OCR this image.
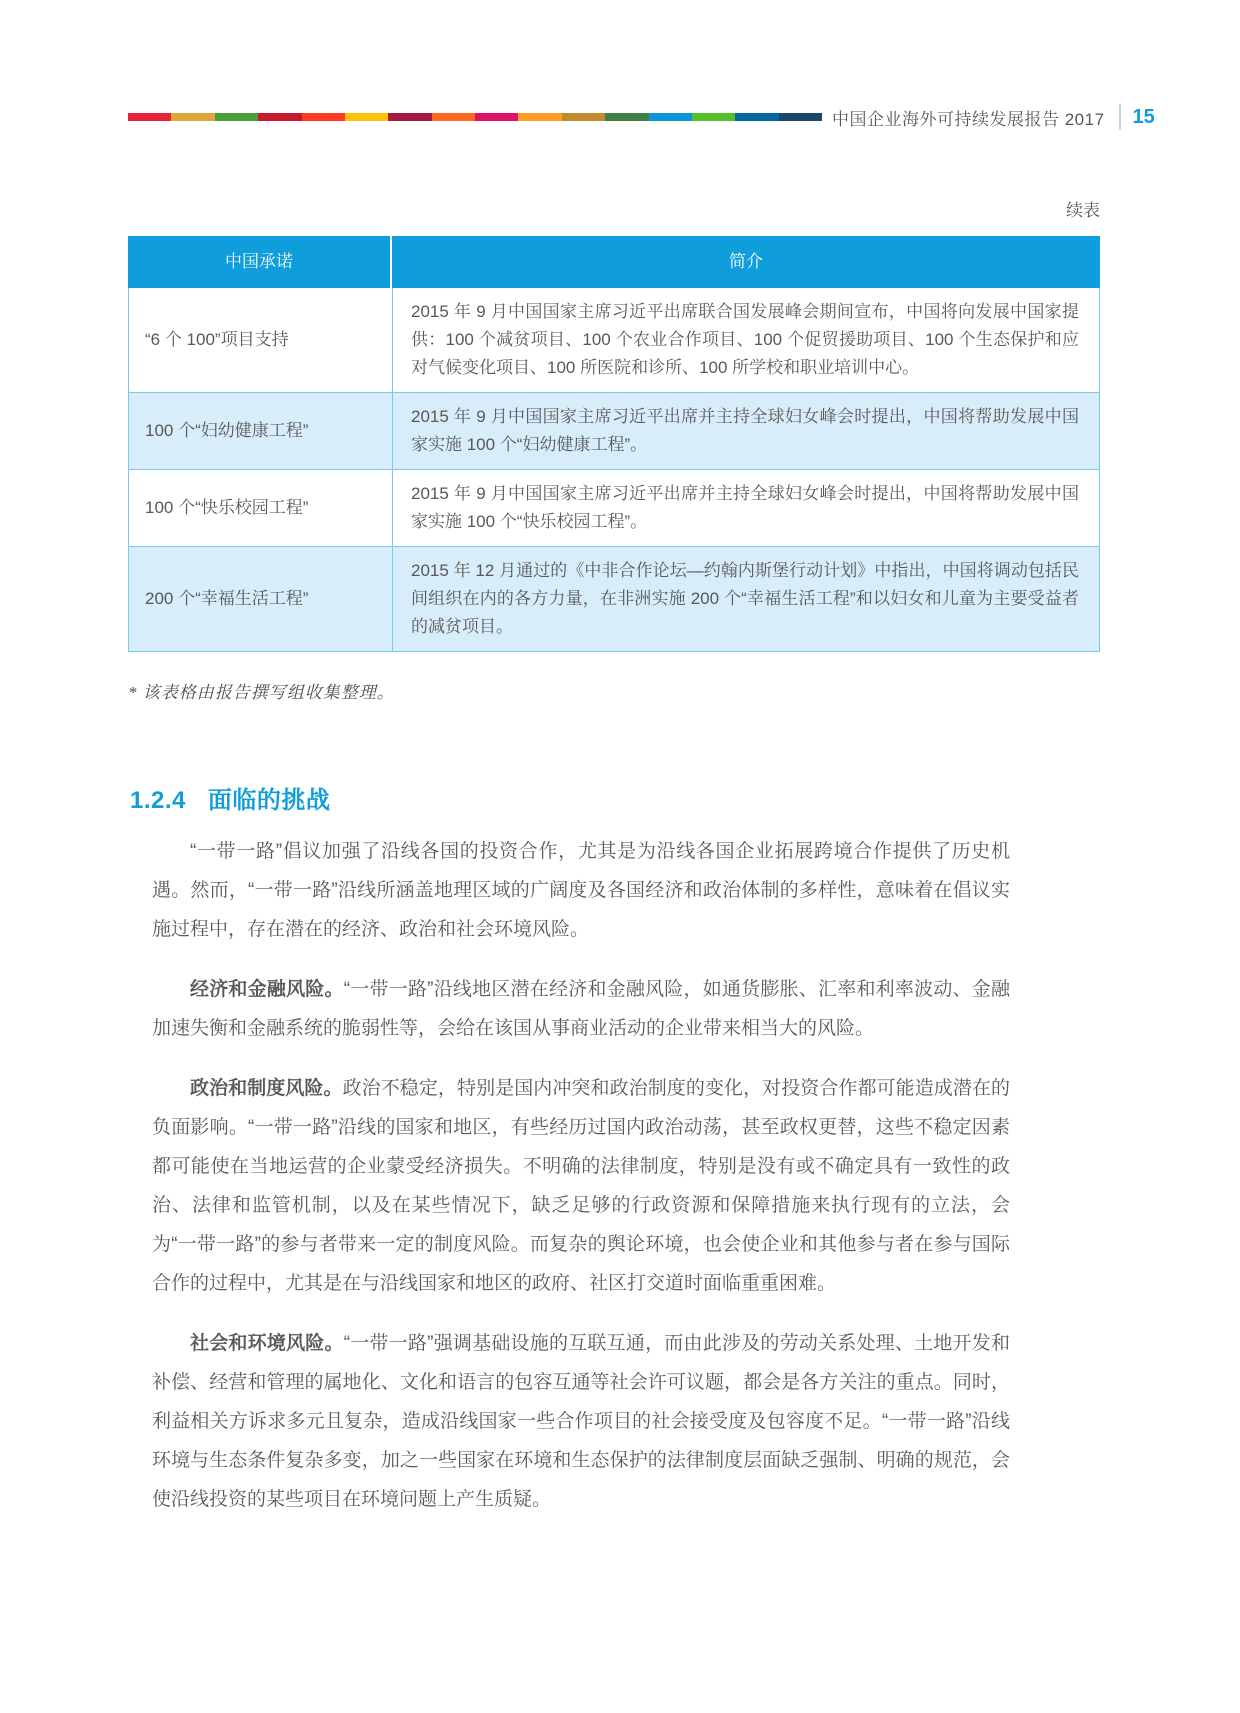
中国企业海外可持续发展报告 2017 15
续表
中国承诺	简介
“6 个 100”项目支持
2015 年 9 月中国国家主席习近平出席联合国发展峰会期间宣布，中国将向发展中国家提供：100 个减贫项目、100 个农业合作项目、100 个促贸援助项目、100 个生态保护和应对气候变化项目、100 所医院和诊所、100 所学校和职业培训中心。
100 个“妇幼健康工程”
2015 年 9 月中国国家主席习近平出席并主持全球妇女峰会时提出，中国将帮助发展中国家实施 100 个“妇幼健康工程”。
100 个“快乐校园工程”
2015 年 9 月中国国家主席习近平出席并主持全球妇女峰会时提出，中国将帮助发展中国家实施 100 个“快乐校园工程”。
200 个“幸福生活工程”
2015 年 12 月通过的《中非合作论坛—约翰内斯堡行动计划》中指出，中国将调动包括民间组织在内的各方力量，在非洲实施 200 个“幸福生活工程”和以妇女和儿童为主要受益者的减贫项目。
* 该表格由报告撰写组收集整理。
1.2.4 面临的挑战

“一带一路”倡议加强了沿线各国的投资合作，尤其是为沿线各国企业拓展跨境合作提供了历史机遇。然而，“一带一路”沿线所涵盖地理区域的广阔度及各国经济和政治体制的多样性，意味着在倡议实施过程中，存在潜在的经济、政治和社会环境风险。

经济和金融风险。“一带一路”沿线地区潜在经济和金融风险，如通货膨胀、汇率和利率波动、金融加速失衡和金融系统的脆弱性等，会给在该国从事商业活动的企业带来相当大的风险。

政治和制度风险。政治不稳定，特别是国内冲突和政治制度的变化，对投资合作都可能造成潜在的负面影响。“一带一路”沿线的国家和地区，有些经历过国内政治动荡，甚至政权更替，这些不稳定因素都可能使在当地运营的企业蒙受经济损失。不明确的法律制度，特别是没有或不确定具有一致性的政治、法律和监管机制，以及在某些情况下，缺乏足够的行政资源和保障措施来执行现有的立法，会为“一带一路”的参与者带来一定的制度风险。而复杂的舆论环境，也会使企业和其他参与者在参与国际合作的过程中，尤其是在与沿线国家和地区的政府、社区打交道时面临重重困难。

社会和环境风险。“一带一路”强调基础设施的互联互通，而由此涉及的劳动关系处理、土地开发和补偿、经营和管理的属地化、文化和语言的包容互通等社会许可议题，都会是各方关注的重点。同时，利益相关方诉求多元且复杂，造成沿线国家一些合作项目的社会接受度及包容度不足。“一带一路”沿线环境与生态条件复杂多变，加之一些国家在环境和生态保护的法律制度层面缺乏强制、明确的规范，会使沿线投资的某些项目在环境问题上产生质疑。
